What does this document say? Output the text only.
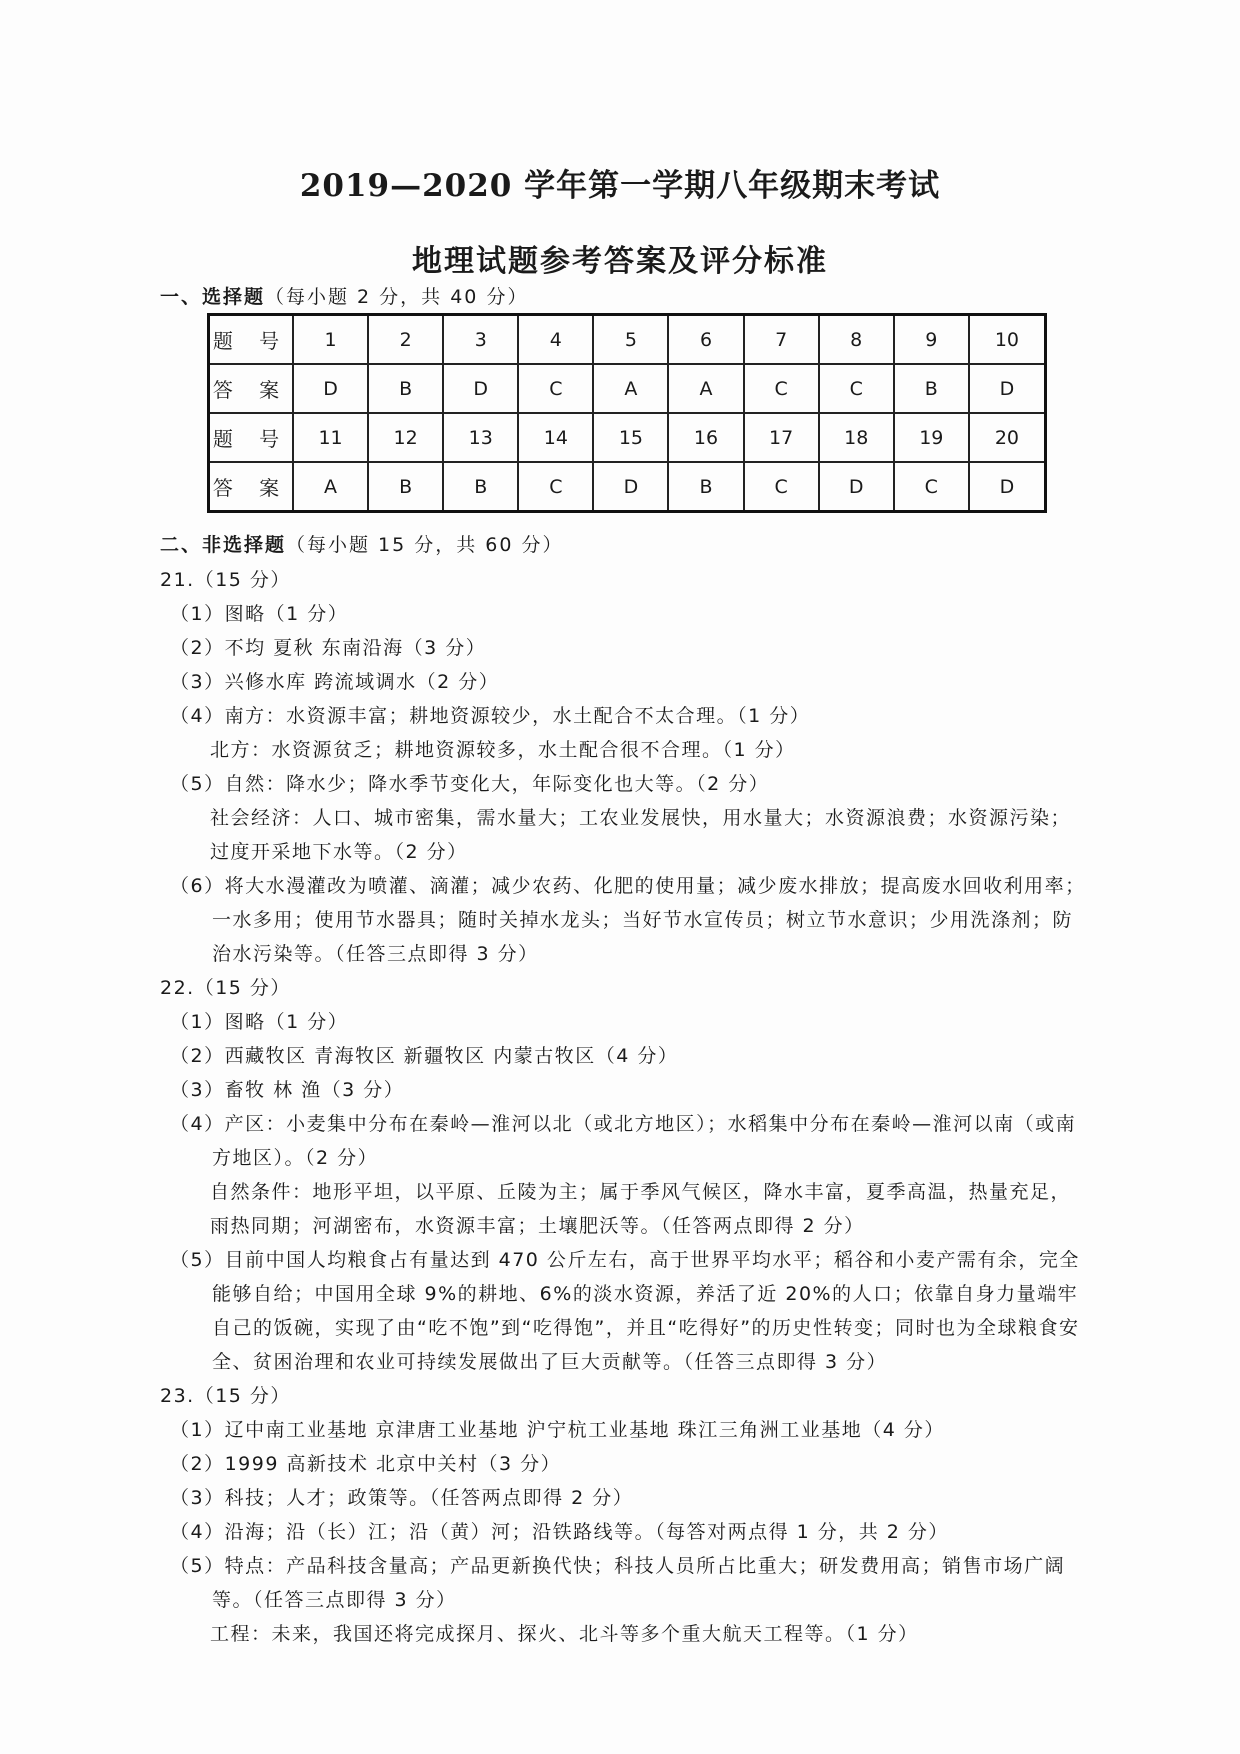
2019—2020 学年第一学期八年级期末考试
地理试题参考答案及评分标准
一、选择题（每小题 2 分，共 40 分）
题 号	1	2	3	4	5	6	7	8	9	10
答 案	D	B	D	C	A	A	C	C	B	D
题 号	11	12	13	14	15	16	17	18	19	20
答 案	A	B	B	C	D	B	C	D	C	D
二、非选择题（每小题 15 分，共 60 分）
21.（15 分）
（1）图略（1 分）
（2）不均 夏秋 东南沿海（3 分）
（3）兴修水库 跨流域调水（2 分）
（4）南方：水资源丰富；耕地资源较少，水土配合不太合理。（1 分）
北方：水资源贫乏；耕地资源较多，水土配合很不合理。（1 分）
（5）自然：降水少；降水季节变化大，年际变化也大等。（2 分）
社会经济：人口、城市密集，需水量大；工农业发展快，用水量大；水资源浪费；水资源污染；过度开采地下水等。（2 分）
（6）将大水漫灌改为喷灌、滴灌；减少农药、化肥的使用量；减少废水排放；提高废水回收利用率；一水多用；使用节水器具；随时关掉水龙头；当好节水宣传员；树立节水意识；少用洗涤剂；防治水污染等。（任答三点即得 3 分）
22.（15 分）
（1）图略（1 分）
（2）西藏牧区 青海牧区 新疆牧区 内蒙古牧区（4 分）
（3）畜牧 林 渔（3 分）
（4）产区：小麦集中分布在秦岭—淮河以北（或北方地区）；水稻集中分布在秦岭—淮河以南（或南方地区）。（2 分）
自然条件：地形平坦，以平原、丘陵为主；属于季风气候区，降水丰富，夏季高温，热量充足，雨热同期；河湖密布，水资源丰富；土壤肥沃等。（任答两点即得 2 分）
（5）目前中国人均粮食占有量达到 470 公斤左右，高于世界平均水平；稻谷和小麦产需有余，完全能够自给；中国用全球 9%的耕地、6%的淡水资源，养活了近 20%的人口；依靠自身力量端牢自己的饭碗，实现了由“吃不饱”到“吃得饱”，并且“吃得好”的历史性转变；同时也为全球粮食安全、贫困治理和农业可持续发展做出了巨大贡献等。（任答三点即得 3 分）
23.（15 分）
（1）辽中南工业基地 京津唐工业基地 沪宁杭工业基地 珠江三角洲工业基地（4 分）
（2）1999 高新技术 北京中关村（3 分）
（3）科技；人才；政策等。（任答两点即得 2 分）
（4）沿海；沿（长）江；沿（黄）河；沿铁路线等。（每答对两点得 1 分，共 2 分）
（5）特点：产品科技含量高；产品更新换代快；科技人员所占比重大；研发费用高；销售市场广阔等。（任答三点即得 3 分）
工程：未来，我国还将完成探月、探火、北斗等多个重大航天工程等。（1 分）
